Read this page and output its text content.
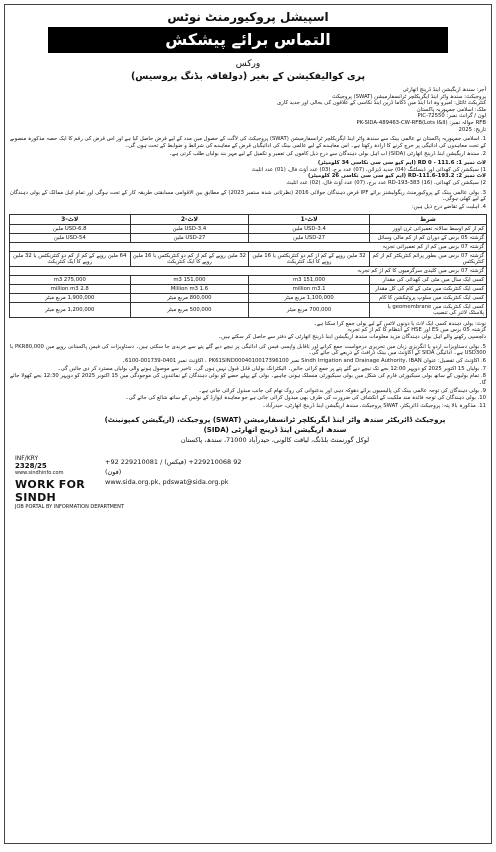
اسپیشل پروکیورمنٹ نوٹس
التماس برائے پیشکش
ورکس
پری کوالیفکیشن کے بغیر (دولفافہ بڈنگ پروسیس)

آجر: سندھ اریگیشن اینڈ ڈرینج اتھارٹی

پروجیکٹ: سندھ واٹر اینڈ ایگریکلچر ٹرانسفارمیشن (SWAT) پروجیکٹ

کنٹریکٹ ٹائٹل: امیرو وہ ادا اینڈ میں ڈکاما ڈرین اینڈ نکاسی کے علاقوں کی بحالی اور جدید کاری

ملک: اسلامی جمہوریہ پاکستان

لون / گرانٹ نمبر: 72550-PIC

RFB حوالہ نمبر: PK-SIDA-489463-CW-RFB(Lots I&II)

تاریخ: 2025

1. اسلامی جمہوریہ پاکستان نے عالمی بینک سے سندھ واٹر اینڈ ایگریکلچر ٹرانسفارمیشن (SWAT) پروجیکٹ کی لاگت کے حصول میں مدد کے لیے قرض حاصل کیا ہے اور اس قرض کی رقم کا ایک حصہ مذکورہ منصوبے کے تحت معاہدوں کی ادائیگی پر خرچ کرنے کا ارادہ رکھتا ہے۔ اس معاہدے کے لیے عالمی بینک کی ادائیگیاں قرض کے معاہدے کی شرائط و ضوابط کے تحت ہوں گی۔

2. سندھ اریگیشن اینڈ ڈرینج اتھارٹی (SIDA) اب اہل بولی دہندگان سے درج ذیل کاموں کی تعمیر و تکمیل کے لیے مہر بند بولیاں طلب کرتی ہے۔

لاٹ نمبر 1: RD 0 - 111.6 (ایم کیو سی سی نکاسی 34 کلومیٹر)

1) سیکشن کی کھدائی اور ڈیسلٹنگ (04) جدید ڈیزائن، (07) عدد برج، (03) عدد آؤٹ فال، (01) عدد انلیٹ

لاٹ نمبر 2: RD-111.6-193.2 (ایم کیو سی سی نکاسی 26 کلومیٹر)

2) سیکشن کی کھدائی، RD-193-383 (16) عدد برج، (07) عدد آؤٹ فال، (02) عدد انلیٹ

3. بولی عالمی بینک کے پروکیورمنٹ ریگولیشنز برائے IPF قرض دہندگان جولائی 2016 (نظرثانی شدہ ستمبر 2023) کے مطابق بین الاقوامی مسابقتی طریقہ کار کے تحت ہوگی اور تمام اہل ممالک کے بولی دہندگان کے لیے کھلی ہوگی۔

4. اہلیت کے تقاضے درج ذیل ہیں:

شرط	لاٹ-1	لاٹ-2	لاٹ-3
کم از کم اوسط سالانہ تعمیراتی ٹرن اوور	USD-3.4 ملین	USD-3.4 ملین	USD-6.8 ملین
گزشتہ 05 برس کے دوران کم از کم مالی وسائل	USD-27 ملین	USD-27 ملین	USD-54 ملین
گزشتہ 07 برس میں کم از کم تعمیراتی تجربہ			
گزشتہ 07 برس میں بطور پرائم کنٹریکٹر کم از کم کنٹریکٹس	32 ملین روپے کے کم از کم دو کنٹریکٹس یا 16 ملین روپے کا ایک کنٹریکٹ	32 ملین روپے کے کم از کم دو کنٹریکٹس یا 16 ملین روپے کا ایک کنٹریکٹ	64 ملین روپے کے کم از کم دو کنٹریکٹس یا 32 ملین روپے کا ایک کنٹریکٹ
گزشتہ 07 برس میں کلیدی سرگرمیوں کا کم از کم تجربہ			
کسی ایک سال میں مٹی کی کھدائی کی مقدار	151,000 m3	151,000 m3	275,000 m3
کسی ایک کنٹریکٹ میں مٹی کے کام کی کل مقدار	1.million m3	1.6 Million m3	2.8 million m3
کسی ایک کنٹریکٹ میں سلوپ پروٹیکشن کا کام	1,100,000 مربع میٹر	800,000 مربع میٹر	1,900,000 مربع میٹر
کسی ایک کنٹریکٹ میں geomembrane یا پلاسٹک لائنر کی تنصیب	700,000 مربع میٹر	500,000 مربع میٹر	1,200,000 مربع میٹر

نوٹ: بولی دہندہ کسی ایک لاٹ یا دونوں لاٹس کے لیے بولی جمع کرا سکتا ہے۔

گزشتہ 05 برس میں ES اور HSE کے انتظام کا کم از کم تجربہ

دلچسپی رکھنے والے اہل بولی دہندگان مزید معلومات سندھ اریگیشن اینڈ ڈرینج اتھارٹی کے دفتر سے حاصل کر سکتے ہیں۔

5. بولی دستاویزات اردو یا انگریزی زبان میں تحریری درخواست جمع کرانے اور ناقابل واپسی فیس کی ادائیگی پر نیچے دیے گئے پتے سے خریدی جا سکتی ہیں۔ دستاویزات کی فیس پاکستانی روپے میں PKR80,000 یا USD300 ہے۔ ادائیگی SIDA کے اکاؤنٹ میں بینک ڈرافٹ کے ذریعے کی جائے گی۔

6. اکاؤنٹ کی تفصیل: عنوان Sindh Irrigation and Drainage Authority، IBAN نمبر PK61SIND0004010017396100 ، اکاؤنٹ نمبر 0401-001739-6100۔

7. بولیاں 15 اکتوبر 2025 کو دوپہر 12:00 بجے تک نیچے دیے گئے پتے پر جمع کرائی جائیں۔ الیکٹرانک بولیاں قابل قبول نہیں ہوں گی۔ تاخیر سے موصول ہونے والی بولیاں مسترد کر دی جائیں گی۔

8. تمام بولیوں کے ساتھ بولی سیکیورٹی فارم کی شکل میں بولی سیکیورٹی منسلک ہونی چاہیے۔ بولی کے پہلے حصے کو بولی دہندگان کے نمائندوں کی موجودگی میں 15 اکتوبر 2025 کو دوپہر 12:30 بجے کھولا جائے گا۔

9. بولی دہندگان کی توجہ عالمی بینک کی پالیسیوں برائے دھوکہ دہی اور بدعنوانی کی روک تھام کی جانب مبذول کرائی جاتی ہے۔

10. بولی دہندگان کی توجہ فائدہ مند ملکیت کے انکشاف کی ضرورت کی طرف بھی مبذول کرائی جاتی ہے جو معاہدہ ایوارڈ کے نوٹس کے ساتھ شائع کی جائے گی۔

11. مذکورہ بالا پتہ: پروجیکٹ ڈائریکٹر، SWAT پروجیکٹ، سندھ اریگیشن اینڈ ڈرینج اتھارٹی، حیدرآباد۔

پروجیکٹ ڈائریکٹر سندھ واٹر اینڈ ایگریکلچر ٹرانسفارمیشن (SWAT) پروجیکٹ، (اریگیشن کمپونینٹ)
سندھ اریگیشن اینڈ ڈرینج اتھارٹی (SIDA)
لوکل گورنمنٹ بلڈنگ، لیاقت کالونی، حیدرآباد 71000، سندھ، پاکستان
+92 229210081 / (فیکس) +92 229210068 (فون)
www.sida.org.pk, pdswat@sida.org.pk
INF/KRY
2328/25
www.sindhinfo.com
WORK FOR SINDH
JOB PORTAL BY INFORMATION DEPARTMENT
